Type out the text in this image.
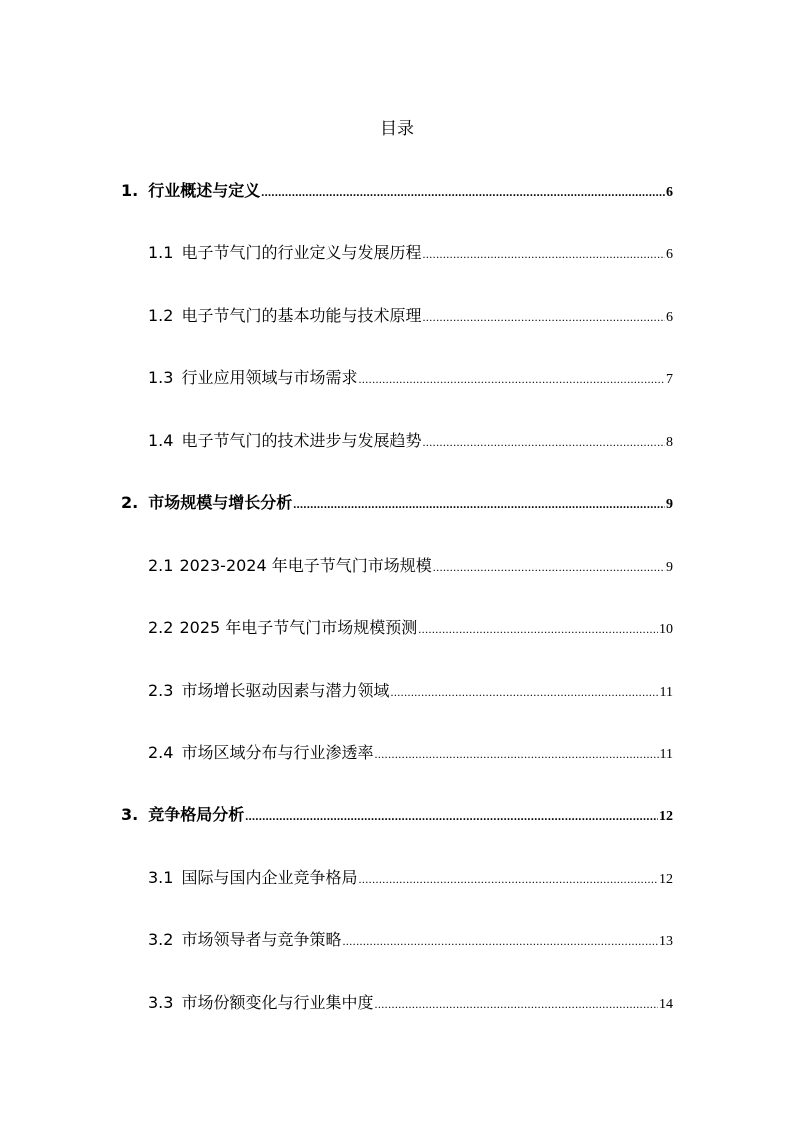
目录
1. 行业概述与定义 .....	6
1.1 电子节气门的行业定义与发展历程 .....	6
1.2 电子节气门的基本功能与技术原理 .....	6
1.3 行业应用领域与市场需求 .....	7
1.4 电子节气门的技术进步与发展趋势 .....	8
2. 市场规模与增长分析 .....	9
2.1 2023-2024 年电子节气门市场规模 .....	9
2.2 2025 年电子节气门市场规模预测 .....	10
2.3 市场增长驱动因素与潜力领域 .....	11
2.4 市场区域分布与行业渗透率 .....	11
3. 竞争格局分析 .....	12
3.1 国际与国内企业竞争格局 .....	12
3.2 市场领导者与竞争策略 .....	13
3.3 市场份额变化与行业集中度 .....	14
